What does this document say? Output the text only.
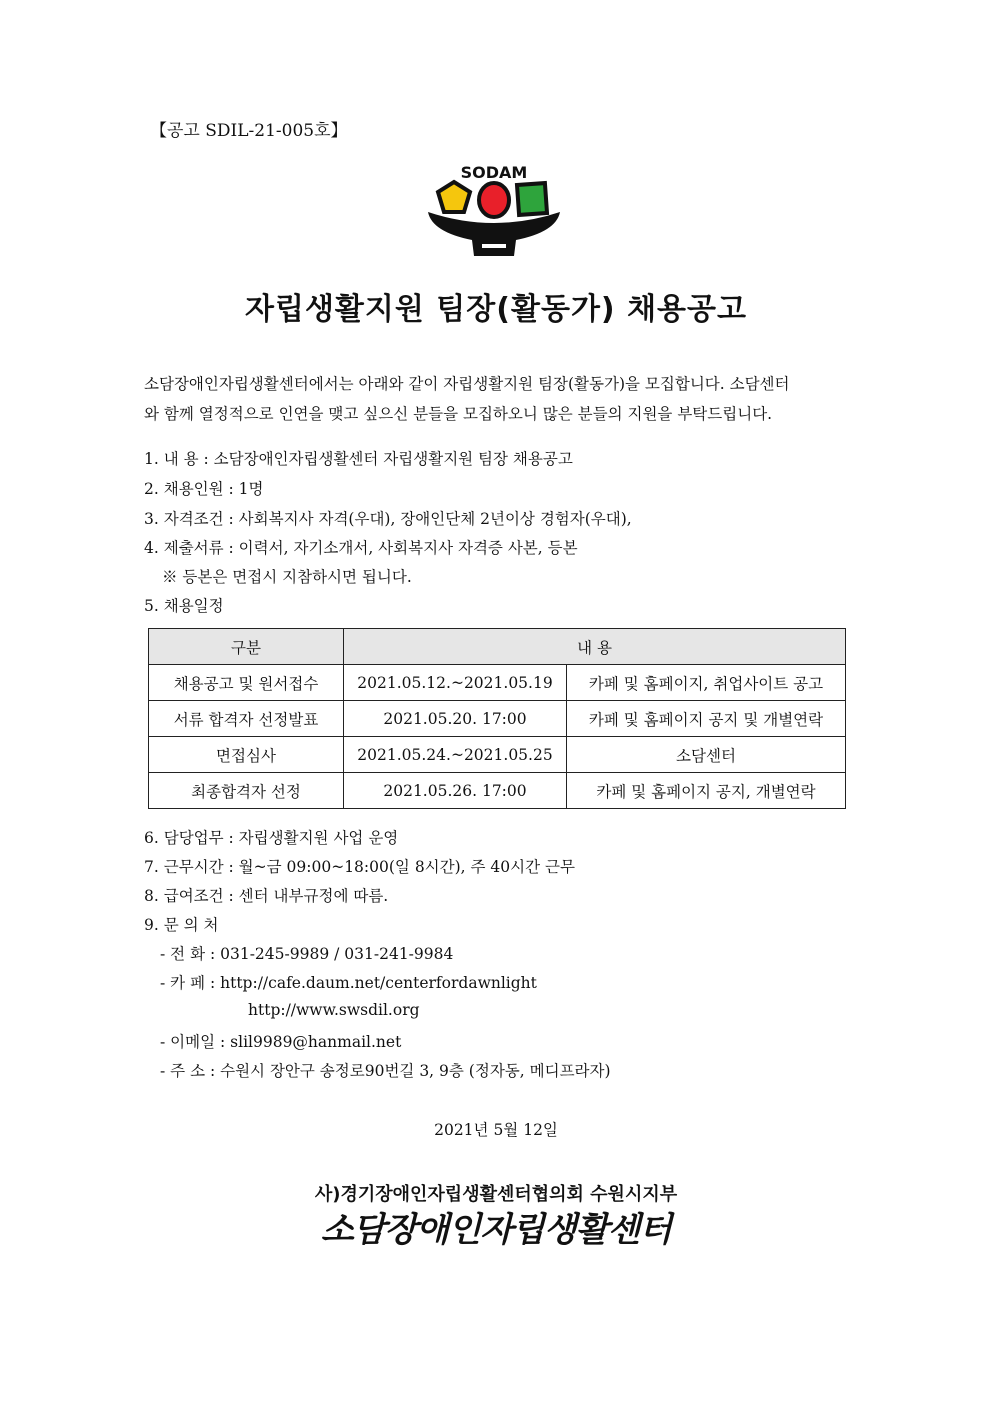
【공고 SDIL-21-005호】
SODAM
자립생활지원 팀장(활동가) 채용공고
소담장애인자립생활센터에서는 아래와 같이 자립생활지원 팀장(활동가)을 모집합니다. 소담센터
와 함께 열정적으로 인연을 맺고 싶으신 분들을 모집하오니 많은 분들의 지원을 부탁드립니다.
1. 내 용 : 소담장애인자립생활센터 자립생활지원 팀장 채용공고
2. 채용인원 : 1명
3. 자격조건 : 사회복지사 자격(우대), 장애인단체 2년이상 경험자(우대),
4. 제출서류 : 이력서, 자기소개서, 사회복지사 자격증 사본, 등본
※ 등본은 면접시 지참하시면 됩니다.
5. 채용일정
구분	내 용	
채용공고 및 원서접수	2021.05.12.~2021.05.19	카페 및 홈페이지, 취업사이트 공고
서류 합격자 선정발표	2021.05.20. 17:00	카페 및 홈페이지 공지 및 개별연락
면접심사	2021.05.24.~2021.05.25	소담센터
최종합격자 선정	2021.05.26. 17:00	카페 및 홈페이지 공지, 개별연락
6. 담당업무 : 자립생활지원 사업 운영
7. 근무시간 : 월~금 09:00~18:00(일 8시간), 주 40시간 근무
8. 급여조건 : 센터 내부규정에 따름.
9. 문 의 처
- 전 화 : 031-245-9989 / 031-241-9984
- 카 페 : http://cafe.daum.net/centerfordawnlight
http://www.swsdil.org
- 이메일 : slil9989@hanmail.net
- 주 소 : 수원시 장안구 송정로90번길 3, 9층 (정자동, 메디프라자)
2021년 5월 12일
사)경기장애인자립생활센터협의회 수원시지부
소담장애인자립생활센터
